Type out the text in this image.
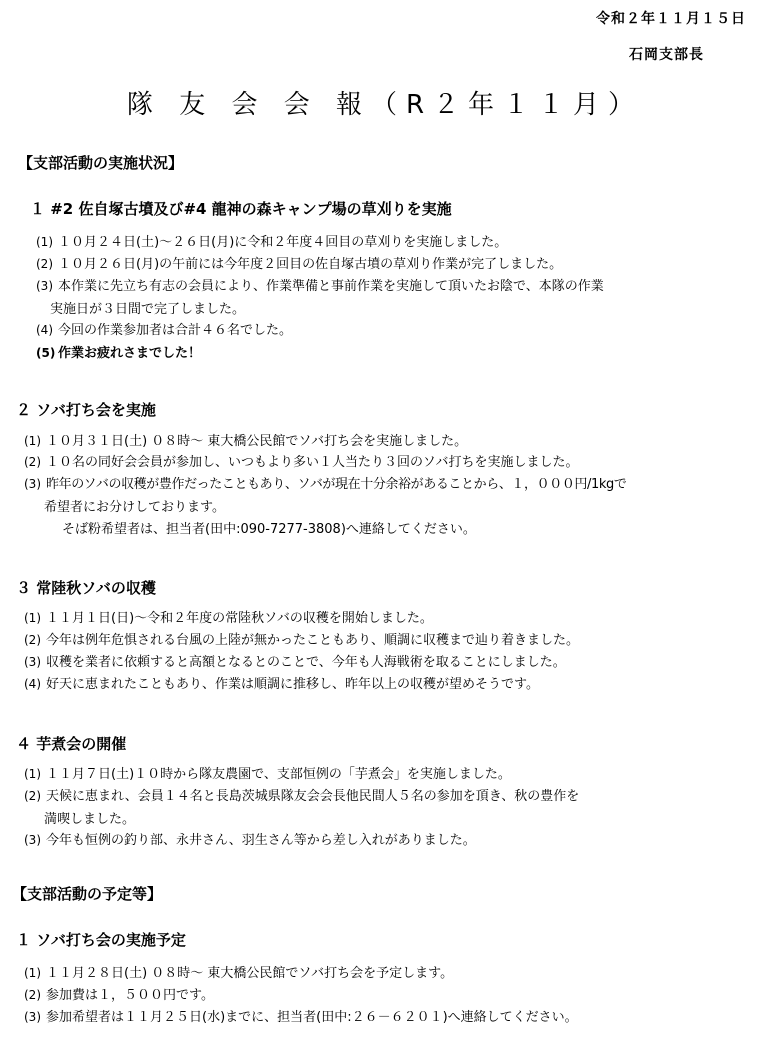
令和２年１１月１５日
石岡支部長
隊 友 会 会 報（R２年１１月）
【支部活動の実施状況】
１ #2 佐自塚古墳及び#4 龍神の森キャンプ場の草刈りを実施
(1) １０月２４日(土)～２６日(月)に令和２年度４回目の草刈りを実施しました。
(2) １０月２６日(月)の午前には今年度２回目の佐自塚古墳の草刈り作業が完了しました。
(3) 本作業に先立ち有志の会員により、作業準備と事前作業を実施して頂いたお陰で、本隊の作業
実施日が３日間で完了しました。
(4) 今回の作業参加者は合計４６名でした。
(5) 作業お疲れさまでした！
２ ソバ打ち会を実施
(1) １０月３１日(土) ０８時～ 東大橋公民館でソバ打ち会を実施しました。
(2) １０名の同好会会員が参加し、いつもより多い１人当たり３回のソバ打ちを実施しました。
(3) 昨年のソバの収穫が豊作だったこともあり、ソバが現在十分余裕があることから、１，０００円/1kgで
希望者にお分けしております。
そば粉希望者は、担当者(田中:090-7277-3808)へ連絡してください。
３ 常陸秋ソバの収穫
(1) １１月１日(日)～令和２年度の常陸秋ソバの収穫を開始しました。
(2) 今年は例年危惧される台風の上陸が無かったこともあり、順調に収穫まで辿り着きました。
(3) 収穫を業者に依頼すると高額となるとのことで、今年も人海戦術を取ることにしました。
(4) 好天に恵まれたこともあり、作業は順調に推移し、昨年以上の収穫が望めそうです。
４ 芋煮会の開催
(1) １１月７日(土)１０時から隊友農園で、支部恒例の「芋煮会」を実施しました。
(2) 天候に恵まれ、会員１４名と長島茨城県隊友会会長他民間人５名の参加を頂き、秋の豊作を
満喫しました。
(3) 今年も恒例の釣り部、永井さん、羽生さん等から差し入れがありました。
【支部活動の予定等】
１ ソバ打ち会の実施予定
(1) １１月２８日(土) ０８時～ 東大橋公民館でソバ打ち会を予定します。
(2) 参加費は１，５００円です。
(3) 参加希望者は１１月２５日(水)までに、担当者(田中:２６－６２０１)へ連絡してください。
